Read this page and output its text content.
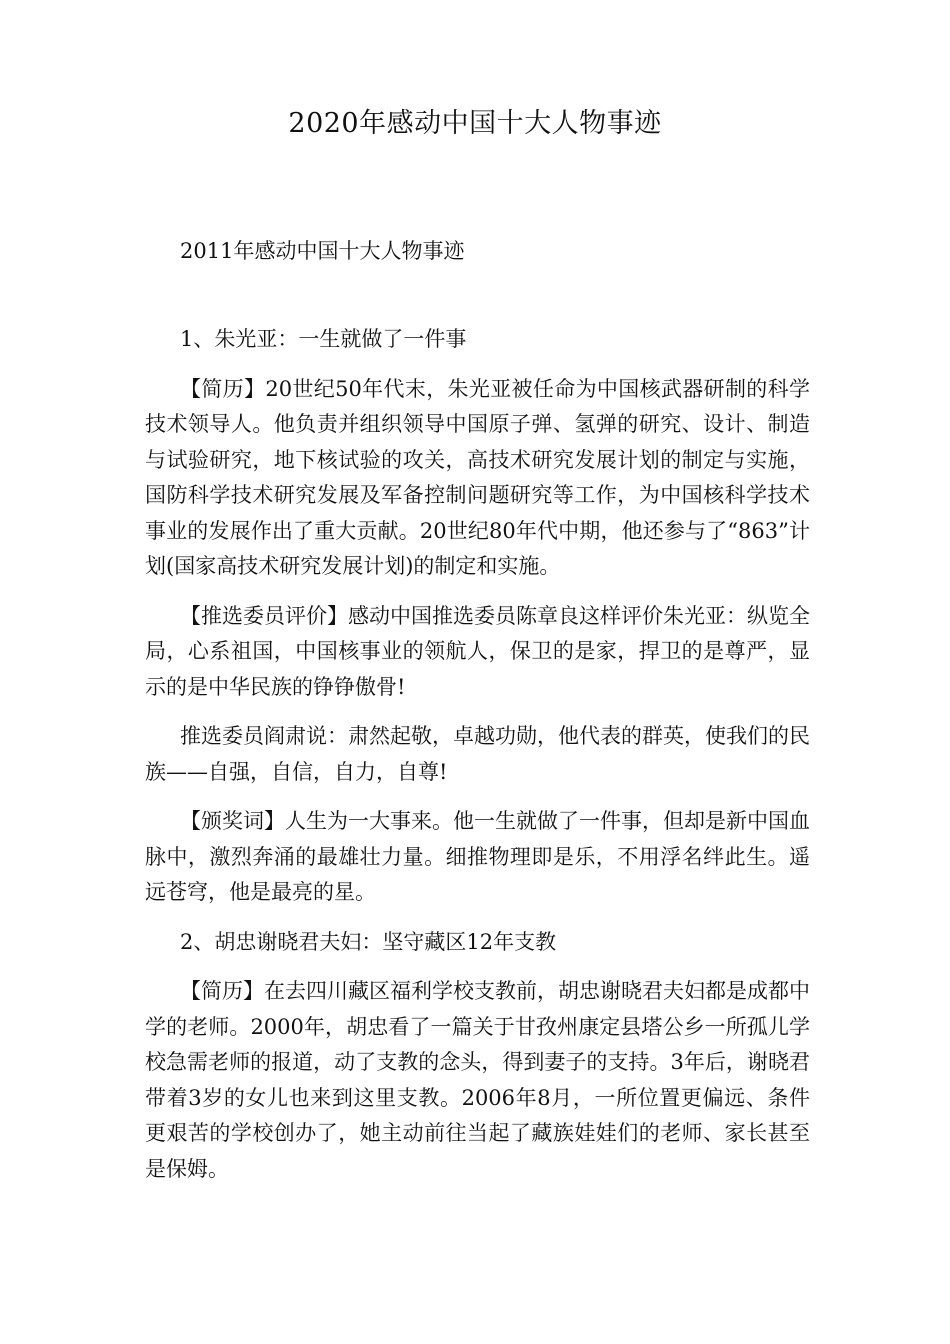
2020年感动中国十大人物事迹
2011年感动中国十大人物事迹

1、朱光亚：一生就做了一件事

【简历】20世纪50年代末，朱光亚被任命为中国核武器研制的科学技术领导人。他负责并组织领导中国原子弹、氢弹的研究、设计、制造与试验研究，地下核试验的攻关，高技术研究发展计划的制定与实施，国防科学技术研究发展及军备控制问题研究等工作，为中国核科学技术事业的发展作出了重大贡献。20世纪80年代中期，他还参与了“863”计划(国家高技术研究发展计划)的制定和实施。

【推选委员评价】感动中国推选委员陈章良这样评价朱光亚：纵览全局，心系祖国，中国核事业的领航人，保卫的是家，捍卫的是尊严，显示的是中华民族的铮铮傲骨!

推选委员阎肃说：肃然起敬，卓越功勋，他代表的群英，使我们的民族——自强，自信，自力，自尊!

【颁奖词】人生为一大事来。他一生就做了一件事，但却是新中国血脉中，激烈奔涌的最雄壮力量。细推物理即是乐，不用浮名绊此生。遥远苍穹，他是最亮的星。

2、胡忠谢晓君夫妇：坚守藏区12年支教

【简历】在去四川藏区福利学校支教前，胡忠谢晓君夫妇都是成都中学的老师。2000年，胡忠看了一篇关于甘孜州康定县塔公乡一所孤儿学校急需老师的报道，动了支教的念头，得到妻子的支持。3年后，谢晓君带着3岁的女儿也来到这里支教。2006年8月，一所位置更偏远、条件更艰苦的学校创办了，她主动前往当起了藏族娃娃们的老师、家长甚至是保姆。
